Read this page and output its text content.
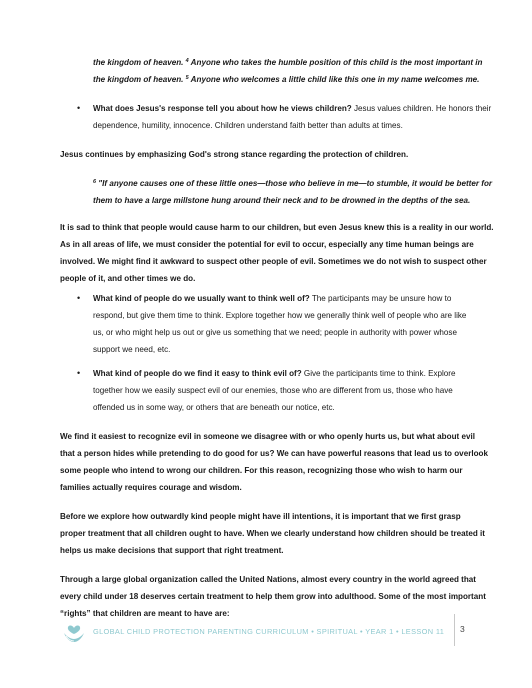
the kingdom of heaven. $^4$ Anyone who takes the humble position of this child is the most important in

the kingdom of heaven. $^5$ Anyone who welcomes a little child like this one in my name welcomes me.

• What does Jesus's response tell you about how he views children? Jesus values children. He honors their

dependence, humility, innocence. Children understand faith better than adults at times.

Jesus continues by emphasizing God's strong stance regarding the protection of children.

$^6$ "If anyone causes one of these little ones—those who believe in me—to stumble, it would be better for

them to have a large millstone hung around their neck and to be drowned in the depths of the sea.

It is sad to think that people would cause harm to our children, but even Jesus knew this is a reality in our world.

As in all areas of life, we must consider the potential for evil to occur, especially any time human beings are

involved. We might find it awkward to suspect other people of evil. Sometimes we do not wish to suspect other

people of it, and other times we do.

• What kind of people do we usually want to think well of? The participants may be unsure how to

respond, but give them time to think. Explore together how we generally think well of people who are like

us, or who might help us out or give us something that we need; people in authority with power whose

support we need, etc.

• What kind of people do we find it easy to think evil of? Give the participants time to think. Explore

together how we easily suspect evil of our enemies, those who are different from us, those who have

offended us in some way, or others that are beneath our notice, etc.

We find it easiest to recognize evil in someone we disagree with or who openly hurts us, but what about evil

that a person hides while pretending to do good for us? We can have powerful reasons that lead us to overlook

some people who intend to wrong our children. For this reason, recognizing those who wish to harm our

families actually requires courage and wisdom.

Before we explore how outwardly kind people might have ill intentions, it is important that we first grasp

proper treatment that all children ought to have. When we clearly understand how children should be treated it

helps us make decisions that support that right treatment.

Through a large global organization called the United Nations, almost every country in the world agreed that

every child under 18 deserves certain treatment to help them grow into adulthood. Some of the most important

“rights” that children are meant to have are:

GLOBAL CHILD PROTECTION PARENTING CURRICULUM • SPIRITUAL • YEAR 1 • LESSON 11 3
